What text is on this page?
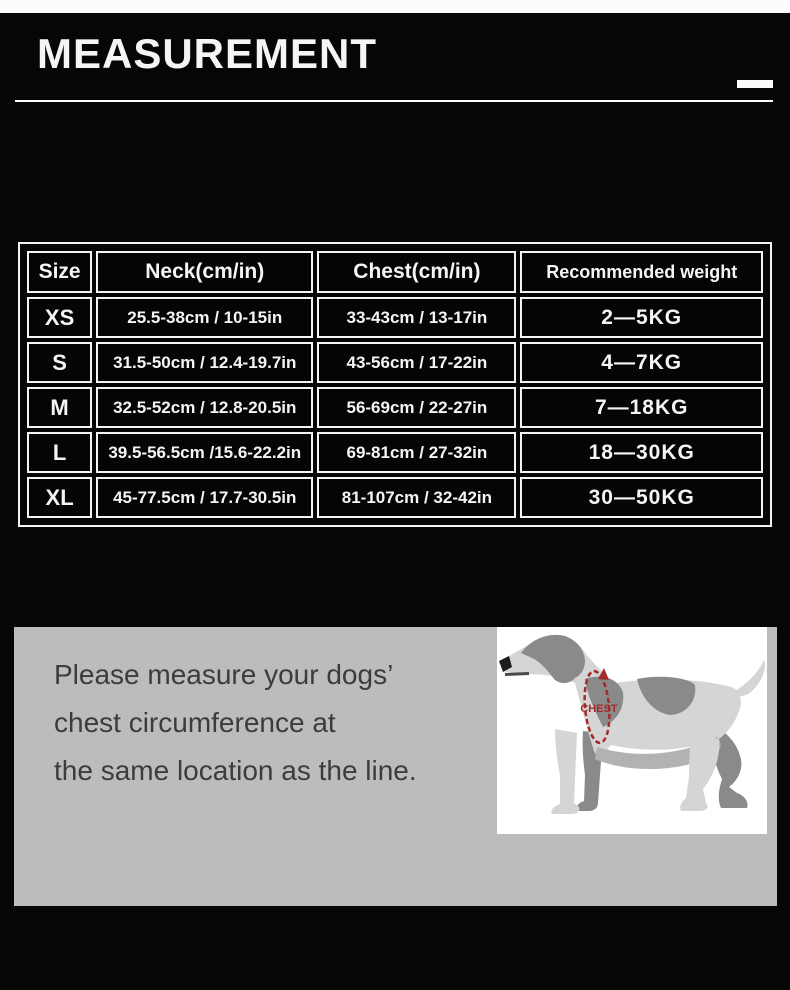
MEASUREMENT
Size	Neck(cm/in)	Chest(cm/in)	Recommended weight
XS	25.5-38cm / 10-15in	33-43cm / 13-17in	2—5KG
S	31.5-50cm / 12.4-19.7in	43-56cm / 17-22in	4—7KG
M	32.5-52cm / 12.8-20.5in	56-69cm / 22-27in	7—18KG
L	39.5-56.5cm /15.6-22.2in	69-81cm / 27-32in	18—30KG
XL	45-77.5cm / 17.7-30.5in	81-107cm / 32-42in	30—50KG
Please measure your dogs’
chest circumference at
the same location as the line.
CHEST
